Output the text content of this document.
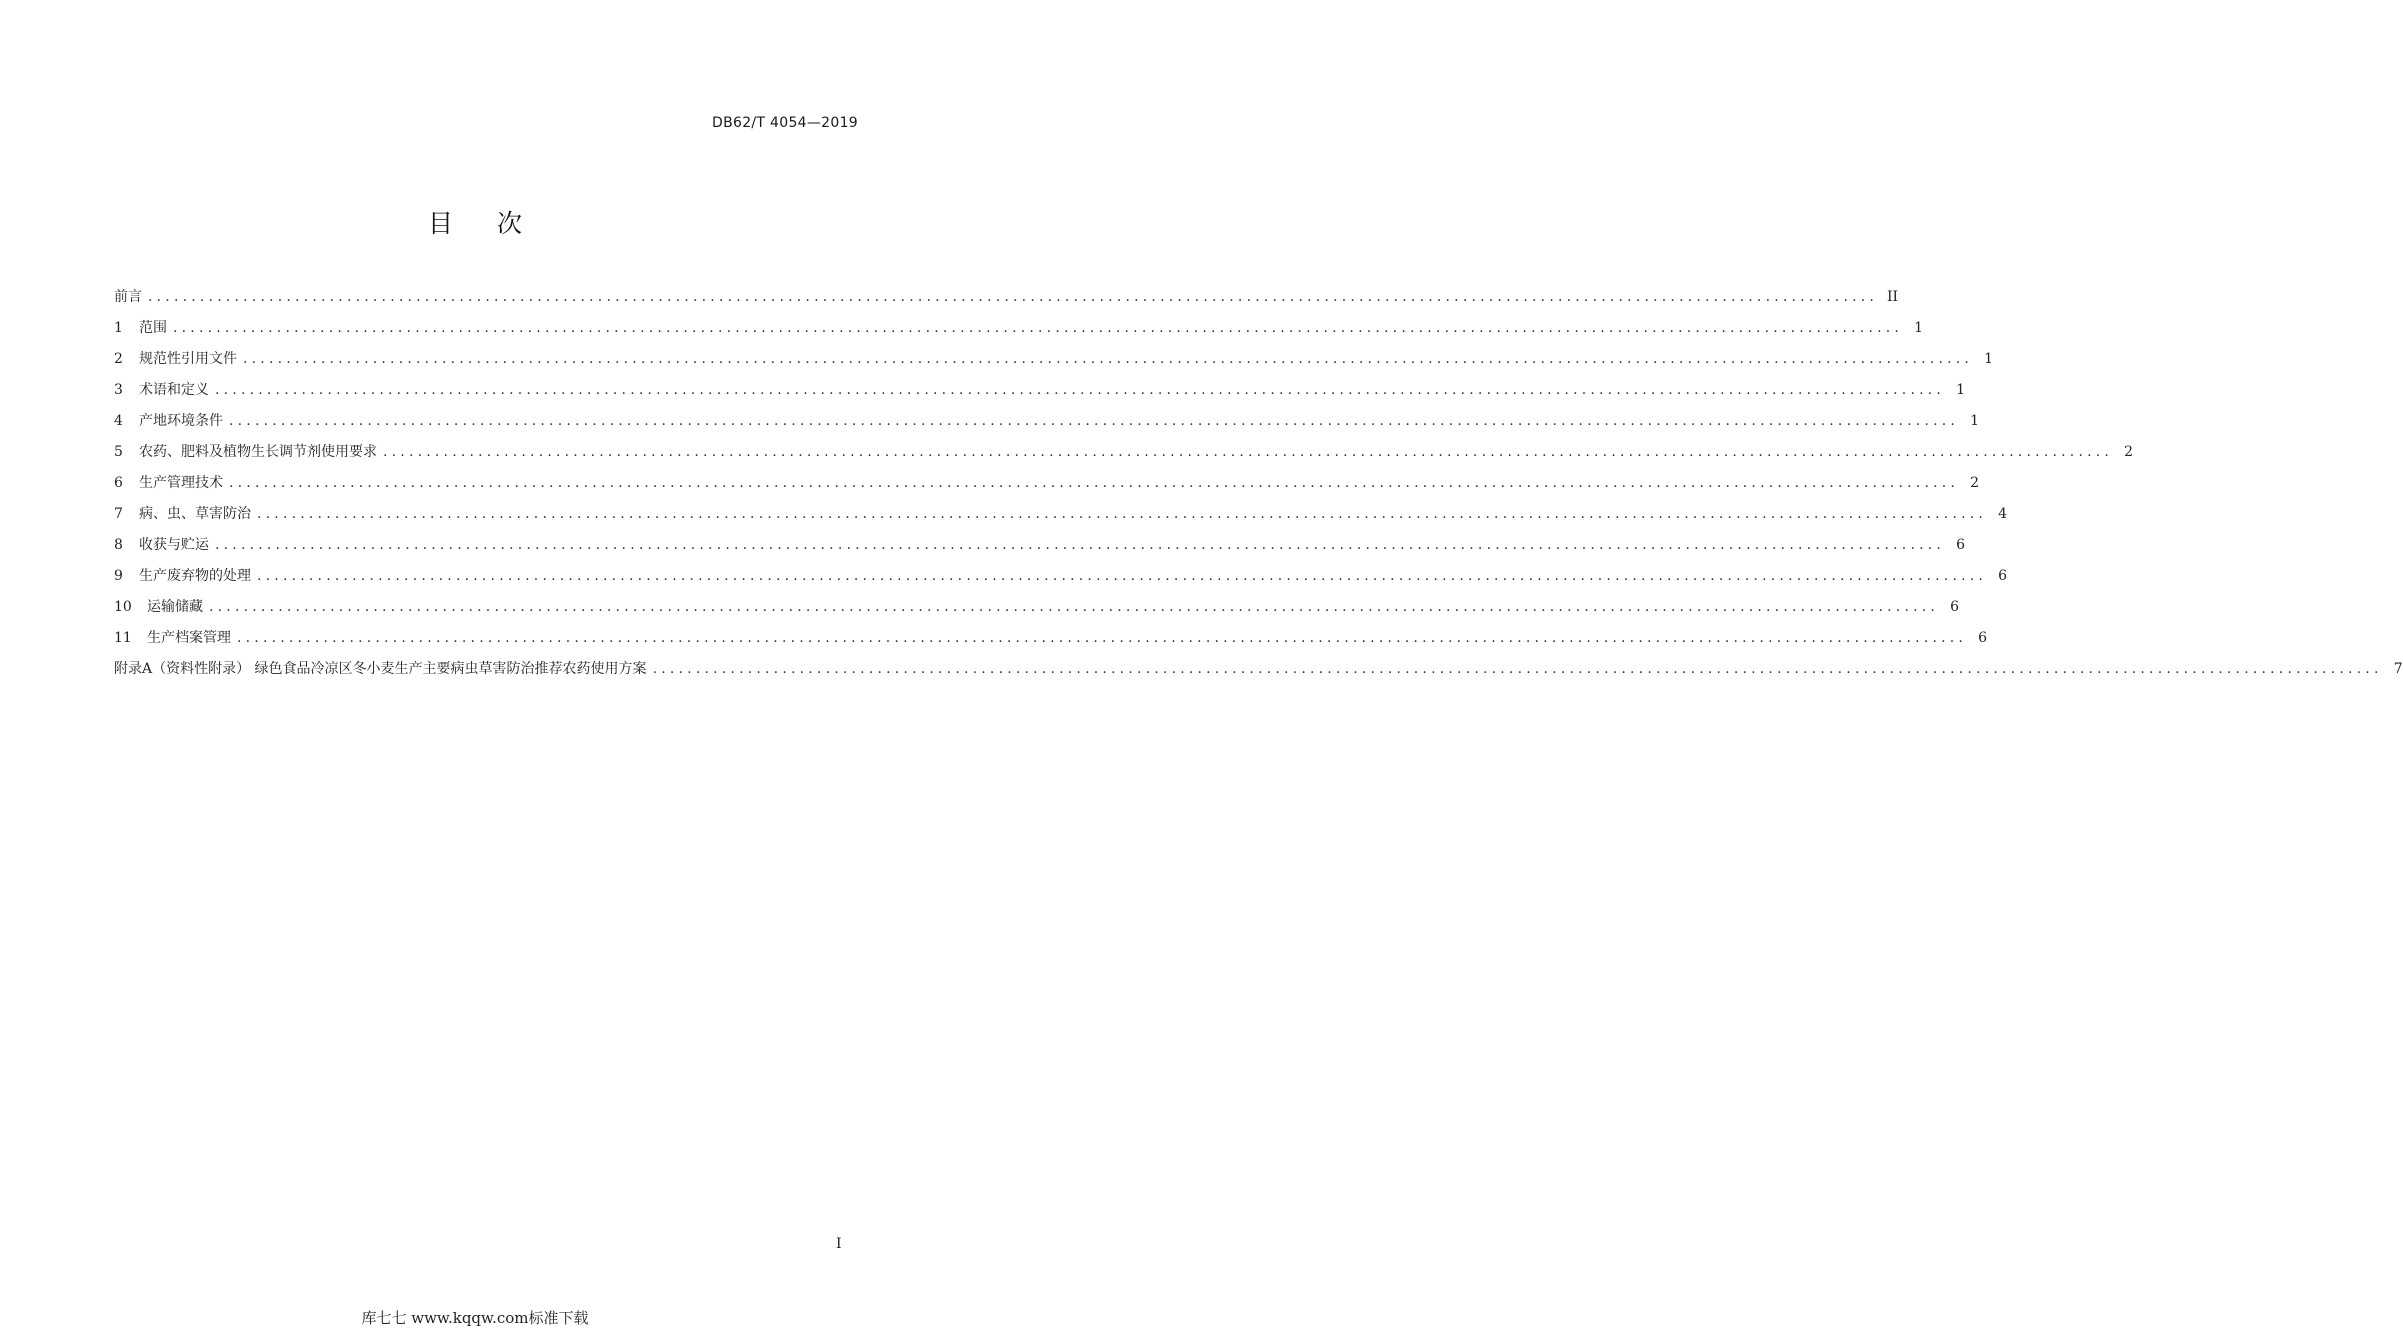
DB62/T 4054—2019
目次
前言 ........................................................................................................................................................................................................ II
1	范围 ........................................................................................................................................................................................................ 1
2	规范性引用文件 ........................................................................................................................................................................................................ 1
3	术语和定义 ........................................................................................................................................................................................................ 1
4	产地环境条件 ........................................................................................................................................................................................................ 1
5	农药、肥料及植物生长调节剂使用要求 ........................................................................................................................................................................................................ 2
6	生产管理技术 ........................................................................................................................................................................................................ 2
7	病、虫、草害防治 ........................................................................................................................................................................................................ 4
8	收获与贮运 ........................................................................................................................................................................................................ 6
9	生产废弃物的处理 ........................................................................................................................................................................................................ 6
10	运输储藏 ........................................................................................................................................................................................................ 6
11	生产档案管理 ........................................................................................................................................................................................................ 6
附录A（资料性附录） 绿色食品冷凉区冬小麦生产主要病虫草害防治推荐农药使用方案 ........................................................................................................................................................................................................ 7
I
库七七 www.kqqw.com标准下载
